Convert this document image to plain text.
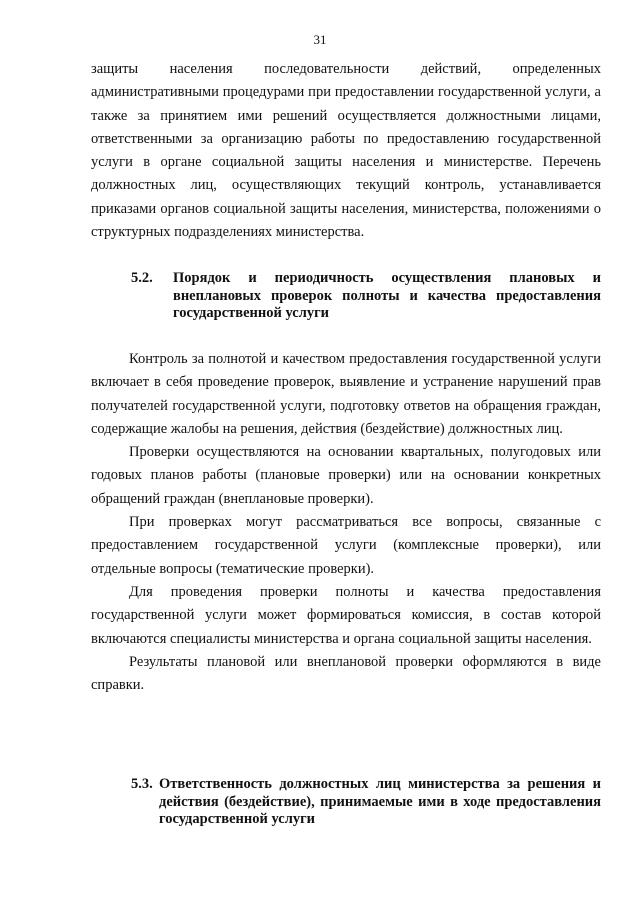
31

защиты населения последовательности действий, определенных административными процедурами при предоставлении государственной услуги, а также за принятием ими решений осуществляется должностными лицами, ответственными за организацию работы по предоставлению государственной услуги в органе социальной защиты населения и министерстве. Перечень должностных лиц, осуществляющих текущий контроль, устанавливается приказами органов социальной защиты населения, министерства, положениями о структурных подразделениях министерства.

5.2. Порядок и периодичность осуществления плановых и внеплановых проверок полноты и качества предоставления государственной услуги

Контроль за полнотой и качеством предоставления государственной услуги включает в себя проведение проверок, выявление и устранение нарушений прав получателей государственной услуги, подготовку ответов на обращения граждан, содержащие жалобы на решения, действия (бездействие) должностных лиц.

Проверки осуществляются на основании квартальных, полугодовых или годовых планов работы (плановые проверки) или на основании конкретных обращений граждан (внеплановые проверки).

При проверках могут рассматриваться все вопросы, связанные с предоставлением государственной услуги (комплексные проверки), или отдельные вопросы (тематические проверки).

Для проведения проверки полноты и качества предоставления государственной услуги может формироваться комиссия, в состав которой включаются специалисты министерства и органа социальной защиты населения.

Результаты плановой или внеплановой проверки оформляются в виде справки.

5.3. Ответственность должностных лиц министерства за решения и действия (бездействие), принимаемые ими в ходе предоставления государственной услуги
